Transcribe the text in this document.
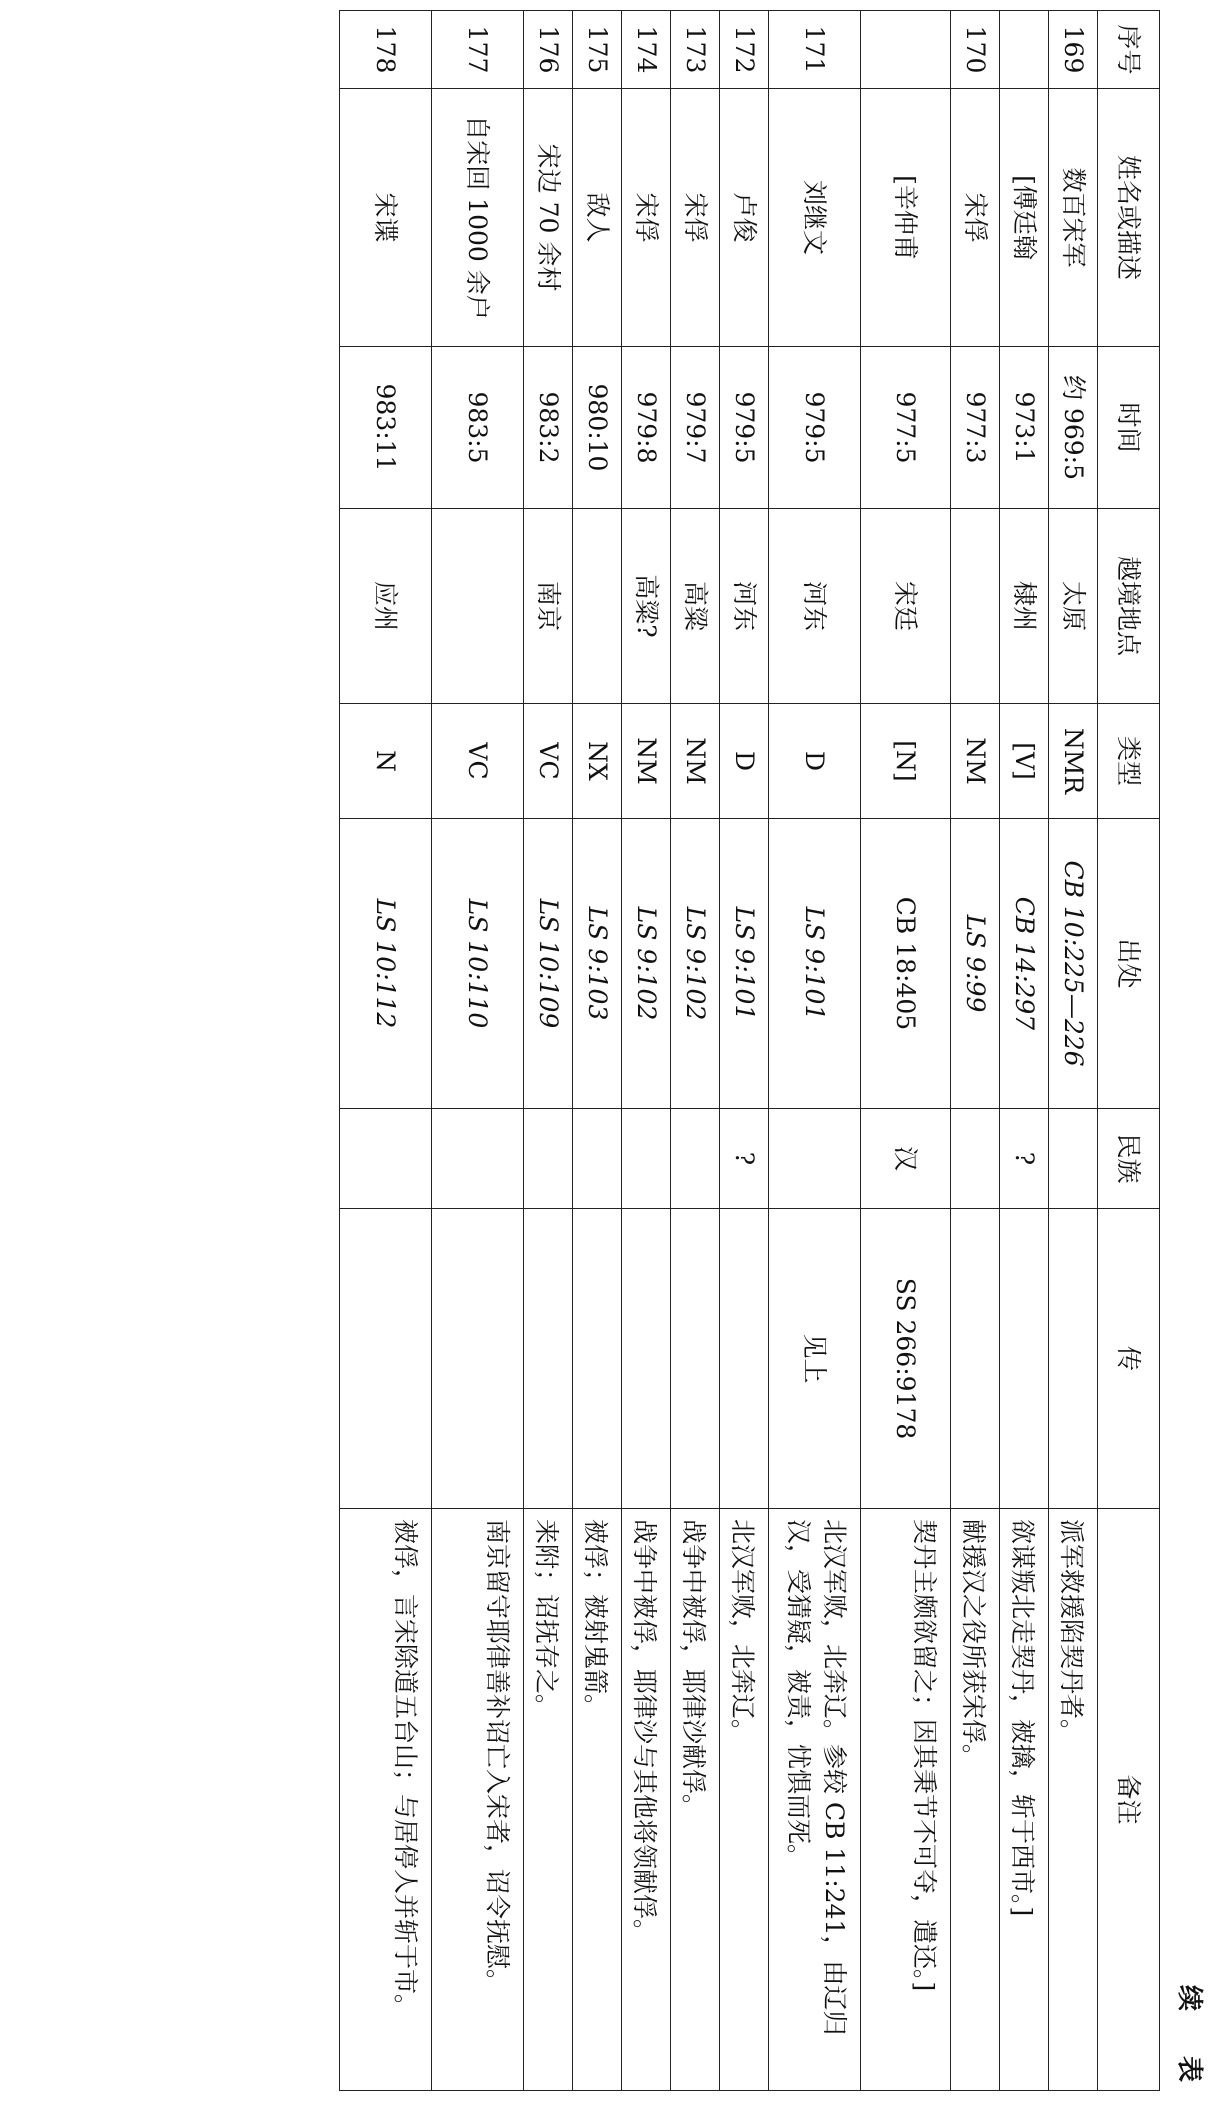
续 表
序号	姓名或描述	时间	越境地点	类型	出处	民族	传	备注
169	数百宋军	约 969:5	太原	NMR	CB 10:225—226			派军救援陷契丹者。
	[傅廷翰	973:1	棣州	[V]	CB 14:297	?		欲谋叛北走契丹，被擒，斩于西市。]
170	宋俘	977:3		NM	LS 9:99			献援汉之役所获宋俘。
	[辛仲甫	977:5	宋廷	[N]	CB 18:405	汉	SS 266:9178	契丹主颇欲留之；因其秉节不可夺，遣还。]
171	刘继文	979:5	河东	D	LS 9:101		见上	北汉军败，北奔辽。参较 CB 11:241，由辽归汉，受猜疑，被责，忧惧而死。
172	卢俊	979:5	河东	D	LS 9:101	?		北汉军败，北奔辽。
173	宋俘	979:7	高粱	NM	LS 9:102			战争中被俘，耶律沙献俘。
174	宋俘	979:8	高粱?	NM	LS 9:102			战争中被俘，耶律沙与其他将领献俘。
175	敌人	980:10		NX	LS 9:103			被俘；被射鬼箭。
176	宋边 70 余村	983:2	南京	VC	LS 10:109			来附；诏抚存之。
177	自宋回 1000 余户	983:5		VC	LS 10:110			南京留守耶律善补诏亡入宋者，诏令抚慰。
178	宋谍	983:11	应州	N	LS 10:112			被俘，言宋除道五台山；与居停人并斩于市。
